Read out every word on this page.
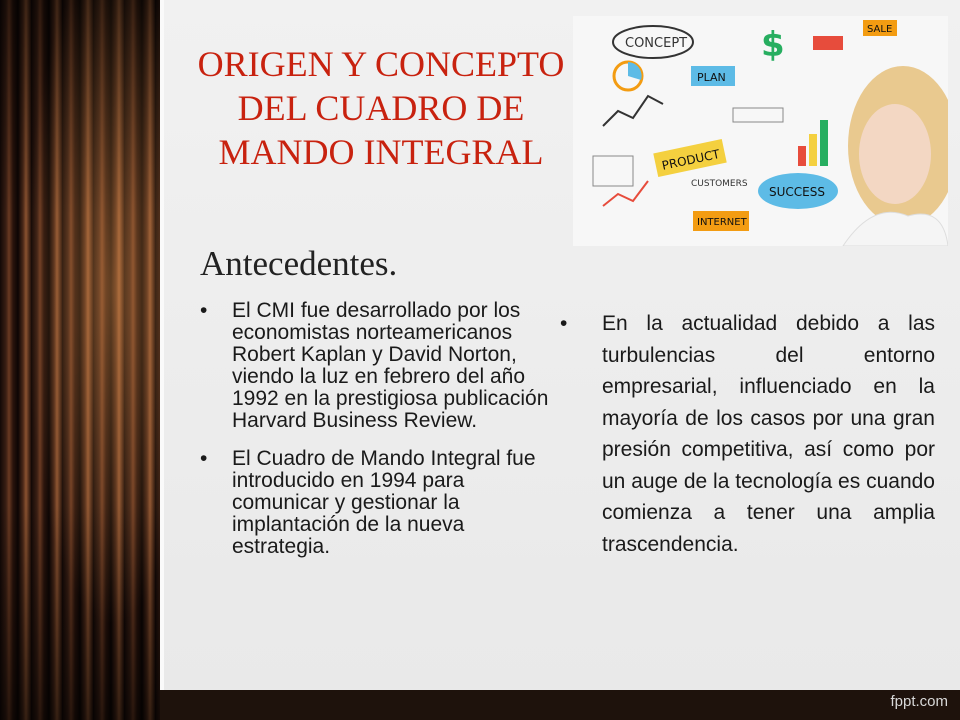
ORIGEN Y CONCEPTO DEL CUADRO DE MANDO INTEGRAL
CONCEPT
PLAN
PRODUCT
SUCCESS
INTERNET
CUSTOMERS
SALE
$
Antecedentes.
• El CMI fue desarrollado por los economistas norteamericanos Robert Kaplan y David Norton, viendo la luz en febrero del año 1992 en la prestigiosa publicación Harvard Business Review.
• El Cuadro de Mando Integral fue introducido en 1994 para comunicar y gestionar la implantación de la nueva estrategia.
• En la actualidad debido a las turbulencias del entorno empresarial, influenciado en la mayoría de los casos por una gran presión competitiva, así como por un auge de la tecnología es cuando comienza a tener una amplia trascendencia.
fppt.com
